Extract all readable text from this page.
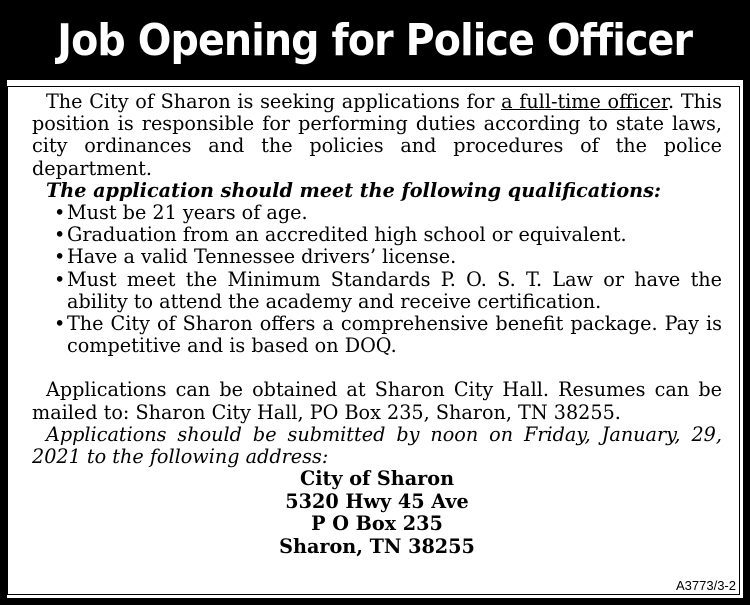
Job Opening for Police Officer

The City of Sharon is seeking applications for a full-time officer. This position is responsible for performing duties according to state laws, city ordinances and the policies and procedures of the police department.

The application should meet the following qualifications:

• Must be 21 years of age.
• Graduation from an accredited high school or equivalent.
• Have a valid Tennessee drivers’ license.
• Must meet the Minimum Standards P. O. S. T. Law or have the ability to attend the academy and receive certification.
• The City of Sharon offers a comprehensive benefit package. Pay is competitive and is based on DOQ.

Applications can be obtained at Sharon City Hall. Resumes can be mailed to: Sharon City Hall, PO Box 235, Sharon, TN 38255.

Applications should be submitted by noon on Friday, January, 29, 2021 to the following address:

City of Sharon
5320 Hwy 45 Ave
P O Box 235
Sharon, TN 38255
A3773/3-2
